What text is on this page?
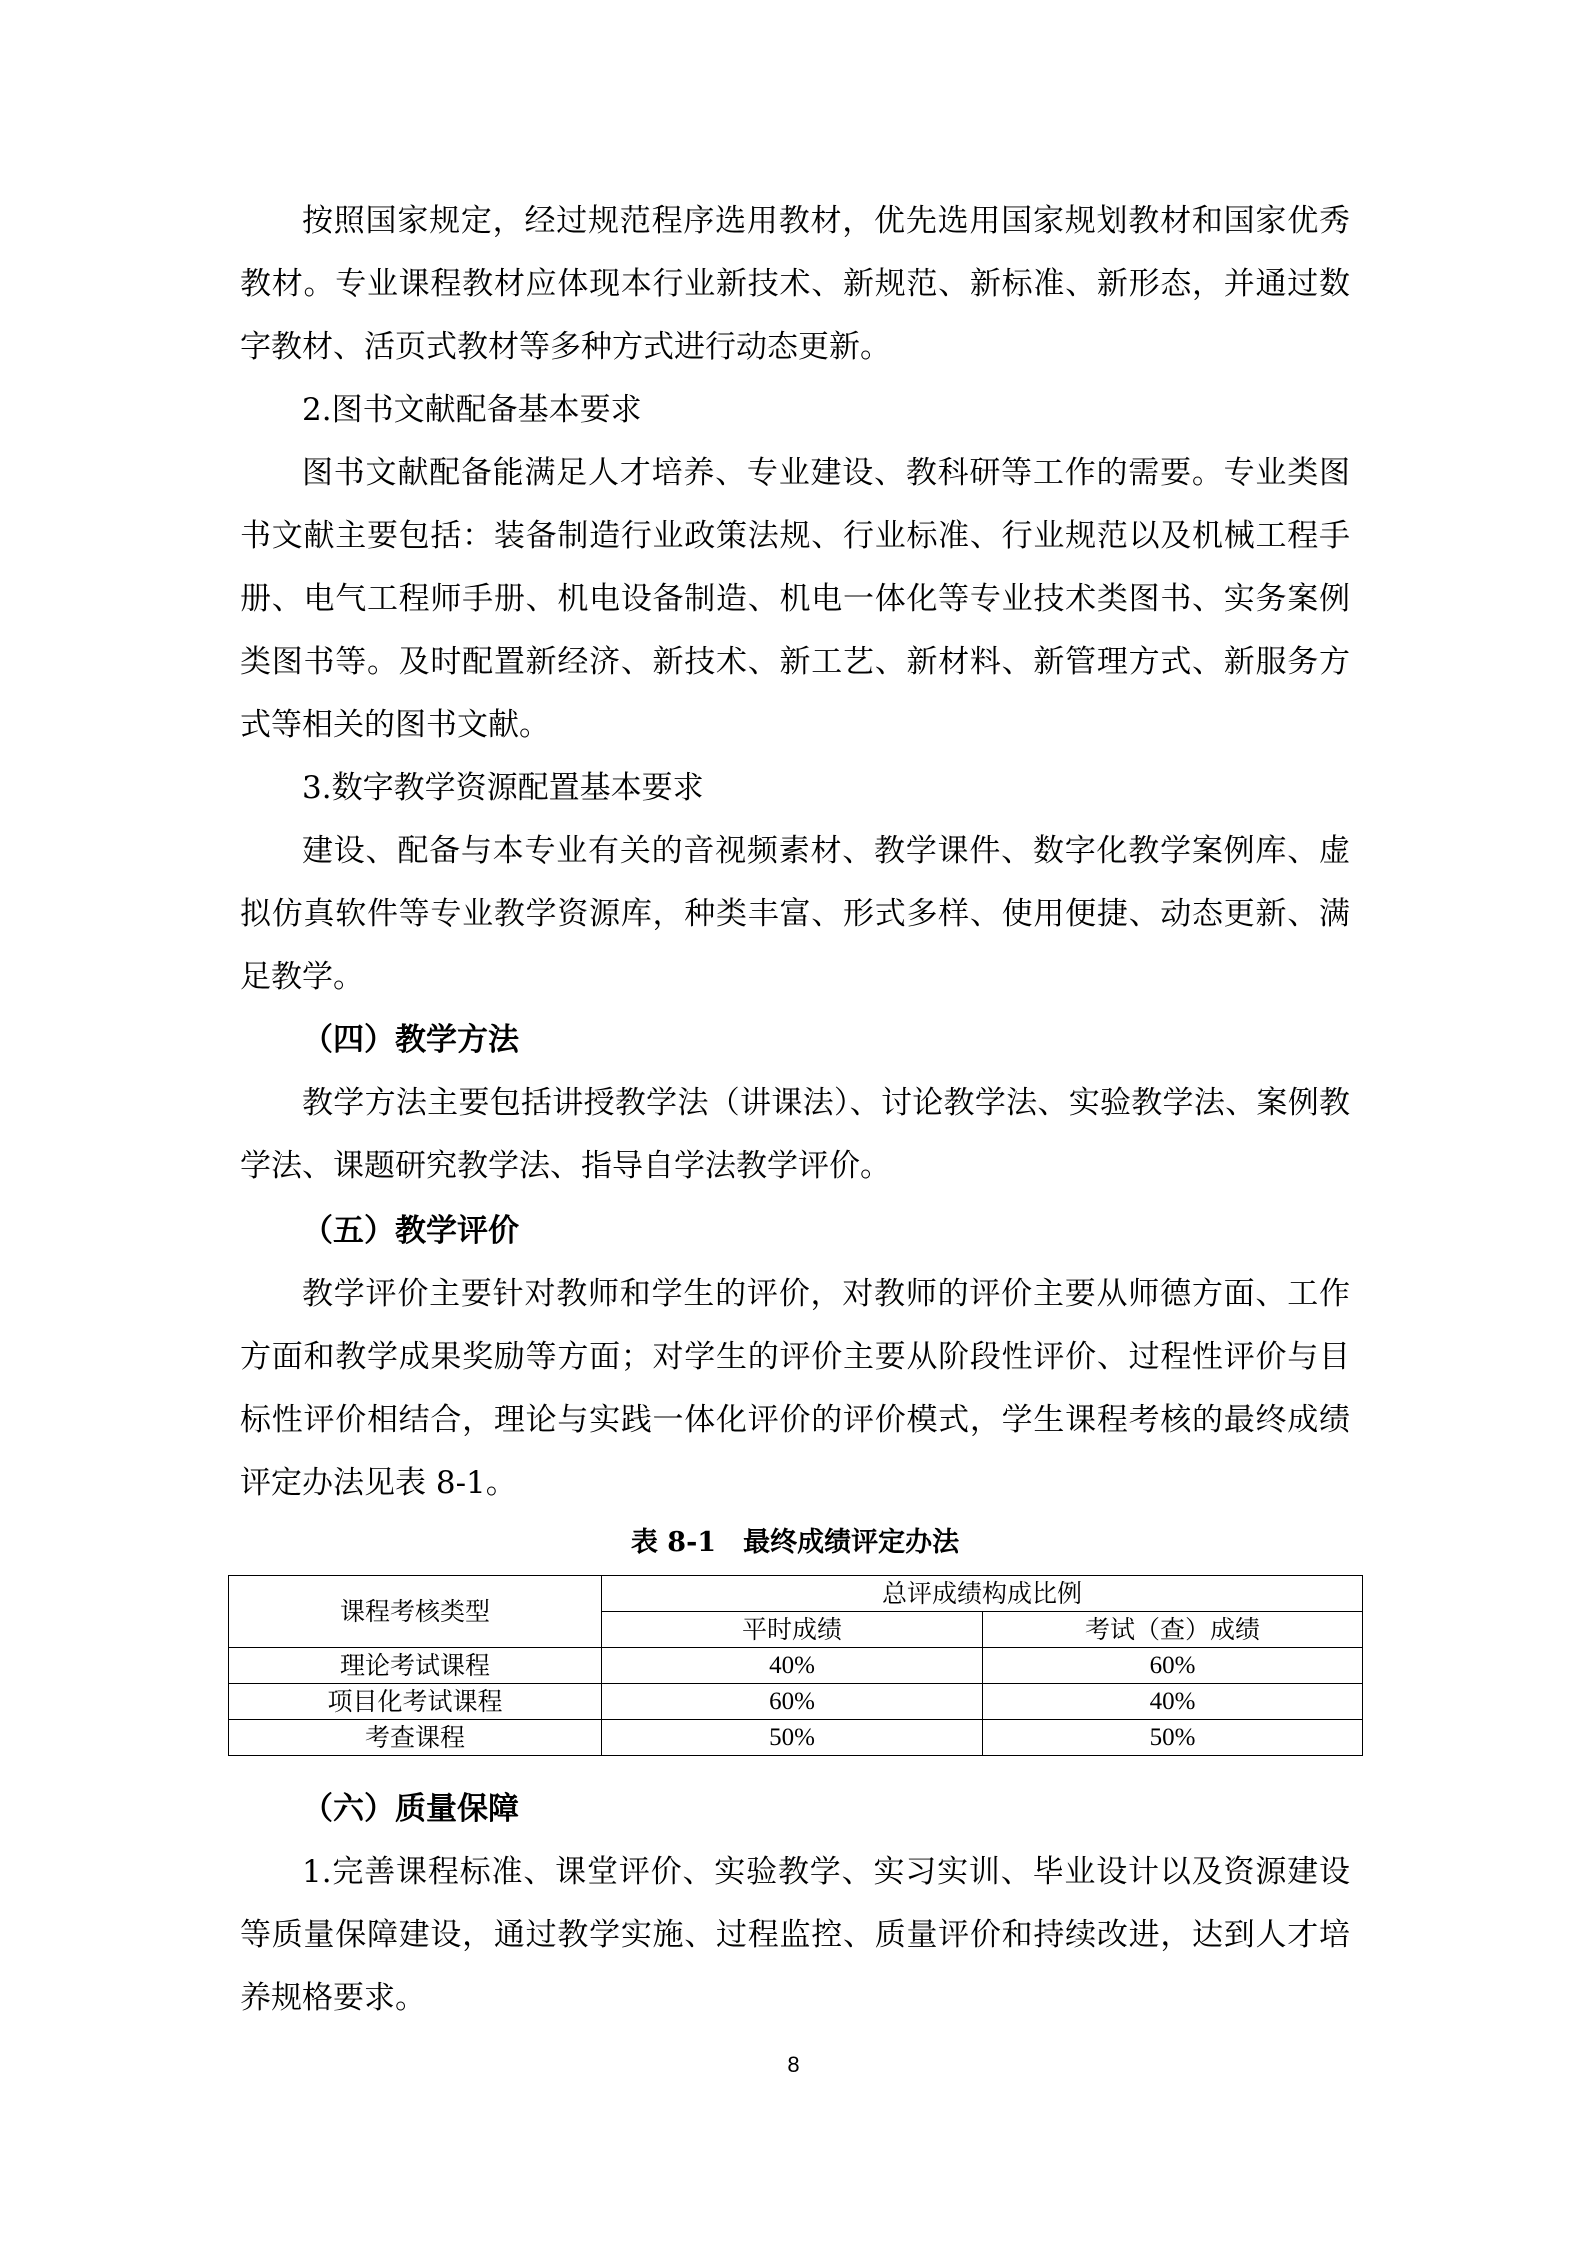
按照国家规定，经过规范程序选用教材，优先选用国家规划教材和国家优秀教材。专业课程教材应体现本行业新技术、新规范、新标准、新形态，并通过数字教材、活页式教材等多种方式进行动态更新。

2.图书文献配备基本要求

图书文献配备能满足人才培养、专业建设、教科研等工作的需要。专业类图书文献主要包括：装备制造行业政策法规、行业标准、行业规范以及机械工程手册、电气工程师手册、机电设备制造、机电一体化等专业技术类图书、实务案例类图书等。及时配置新经济、新技术、新工艺、新材料、新管理方式、新服务方式等相关的图书文献。

3.数字教学资源配置基本要求

建设、配备与本专业有关的音视频素材、教学课件、数字化教学案例库、虚拟仿真软件等专业教学资源库，种类丰富、形式多样、使用便捷、动态更新、满足教学。

（四）教学方法

教学方法主要包括讲授教学法（讲课法）、讨论教学法、实验教学法、案例教学法、课题研究教学法、指导自学法教学评价。

（五）教学评价

教学评价主要针对教师和学生的评价，对教师的评价主要从师德方面、工作方面和教学成果奖励等方面；对学生的评价主要从阶段性评价、过程性评价与目标性评价相结合，理论与实践一体化评价的评价模式，学生课程考核的最终成绩评定办法见表 8-1。

表 8-1　最终成绩评定办法
课程考核类型	总评成绩构成比例	
	平时成绩	考试（查）成绩
理论考试课程	40%	60%
项目化考试课程	60%	40%
考查课程	50%	50%
（六）质量保障

1.完善课程标准、课堂评价、实验教学、实习实训、毕业设计以及资源建设等质量保障建设，通过教学实施、过程监控、质量评价和持续改进，达到人才培养规格要求。

8
